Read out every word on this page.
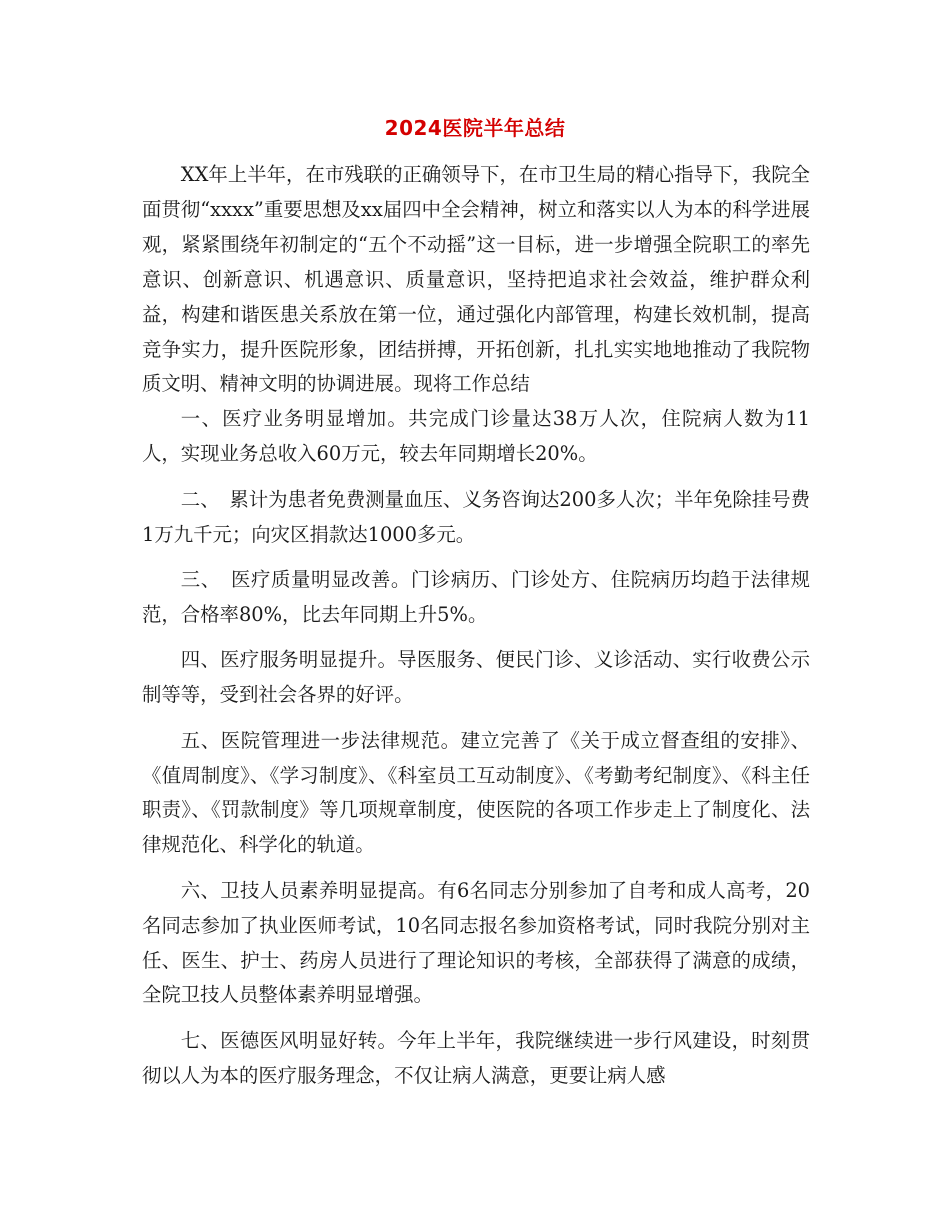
2024医院半年总结

XX年上半年，在市残联的正确领导下，在市卫生局的精心指导下，我院全面贯彻“xxxx”重要思想及xx届四中全会精神，树立和落实以人为本的科学进展观，紧紧围绕年初制定的“五个不动摇”这一目标，进一步增强全院职工的率先意识、创新意识、机遇意识、质量意识，坚持把追求社会效益，维护群众利益，构建和谐医患关系放在第一位，通过强化内部管理，构建长效机制，提高竞争实力，提升医院形象，团结拼搏，开拓创新，扎扎实实地地推动了我院物质文明、精神文明的协调进展。现将工作总结

一、医疗业务明显增加。共完成门诊量达38万人次，住院病人数为11人，实现业务总收入60万元，较去年同期增长20%。

二、　累计为患者免费测量血压、义务咨询达200多人次；半年免除挂号费1万九千元；向灾区捐款达1000多元。

三、　医疗质量明显改善。门诊病历、门诊处方、住院病历均趋于法律规范，合格率80%，比去年同期上升5%。

四、医疗服务明显提升。导医服务、便民门诊、义诊活动、实行收费公示制等等，受到社会各界的好评。

五、医院管理进一步法律规范。建立完善了《关于成立督查组的安排》、《值周制度》、《学习制度》、《科室员工互动制度》、《考勤考纪制度》、《科主任职责》、《罚款制度》等几项规章制度，使医院的各项工作步走上了制度化、法律规范化、科学化的轨道。

六、卫技人员素养明显提高。有6名同志分别参加了自考和成人高考，20名同志参加了执业医师考试，10名同志报名参加资格考试，同时我院分别对主任、医生、护士、药房人员进行了理论知识的考核，全部获得了满意的成绩，全院卫技人员整体素养明显增强。

七、医德医风明显好转。今年上半年，我院继续进一步行风建设，时刻贯彻以人为本的医疗服务理念，不仅让病人满意，更要让病人感
